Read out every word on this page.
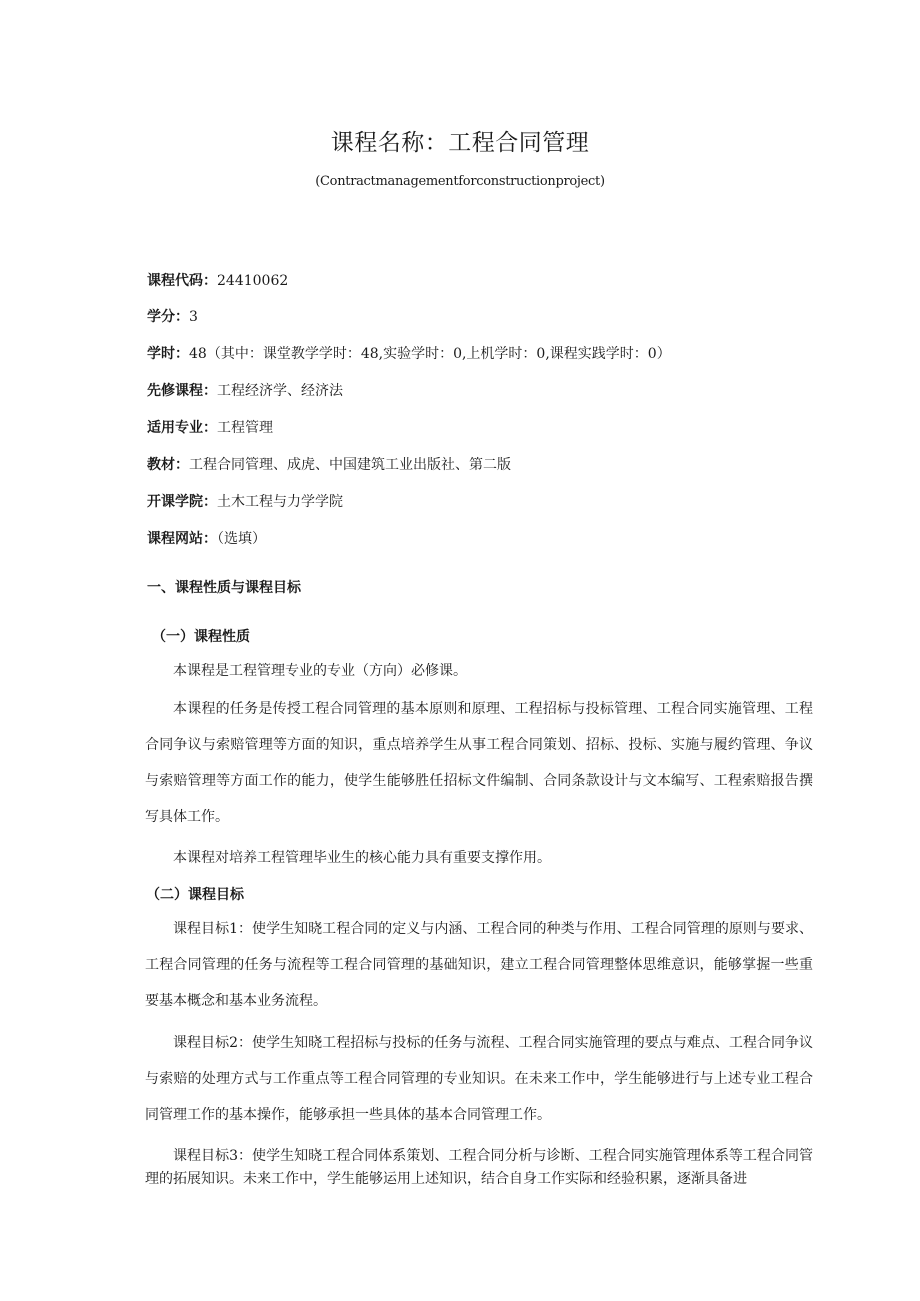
课程名称：工程合同管理
(Contractmanagementforconstructionproject)
课程代码：24410062
学分：3
学时：48（其中：课堂教学学时：48,实验学时：0,上机学时：0,课程实践学时：0）
先修课程：工程经济学、经济法
适用专业：工程管理
教材：工程合同管理、成虎、中国建筑工业出版社、第二版
开课学院：土木工程与力学学院
课程网站：（选填）
一、课程性质与课程目标
（一）课程性质
本课程是工程管理专业的专业（方向）必修课。
本课程的任务是传授工程合同管理的基本原则和原理、工程招标与投标管理、工程合同实施管理、工程合同争议与索赔管理等方面的知识，重点培养学生从事工程合同策划、招标、投标、实施与履约管理、争议与索赔管理等方面工作的能力，使学生能够胜任招标文件编制、合同条款设计与文本编写、工程索赔报告撰写具体工作。
本课程对培养工程管理毕业生的核心能力具有重要支撑作用。
（二）课程目标
课程目标1：使学生知晓工程合同的定义与内涵、工程合同的种类与作用、工程合同管理的原则与要求、工程合同管理的任务与流程等工程合同管理的基础知识，建立工程合同管理整体思维意识，能够掌握一些重要基本概念和基本业务流程。
课程目标2：使学生知晓工程招标与投标的任务与流程、工程合同实施管理的要点与难点、工程合同争议与索赔的处理方式与工作重点等工程合同管理的专业知识。在未来工作中，学生能够进行与上述专业工程合同管理工作的基本操作，能够承担一些具体的基本合同管理工作。
课程目标3：使学生知晓工程合同体系策划、工程合同分析与诊断、工程合同实施管理体系等工程合同管理的拓展知识。未来工作中，学生能够运用上述知识，结合自身工作实际和经验积累，逐渐具备进
